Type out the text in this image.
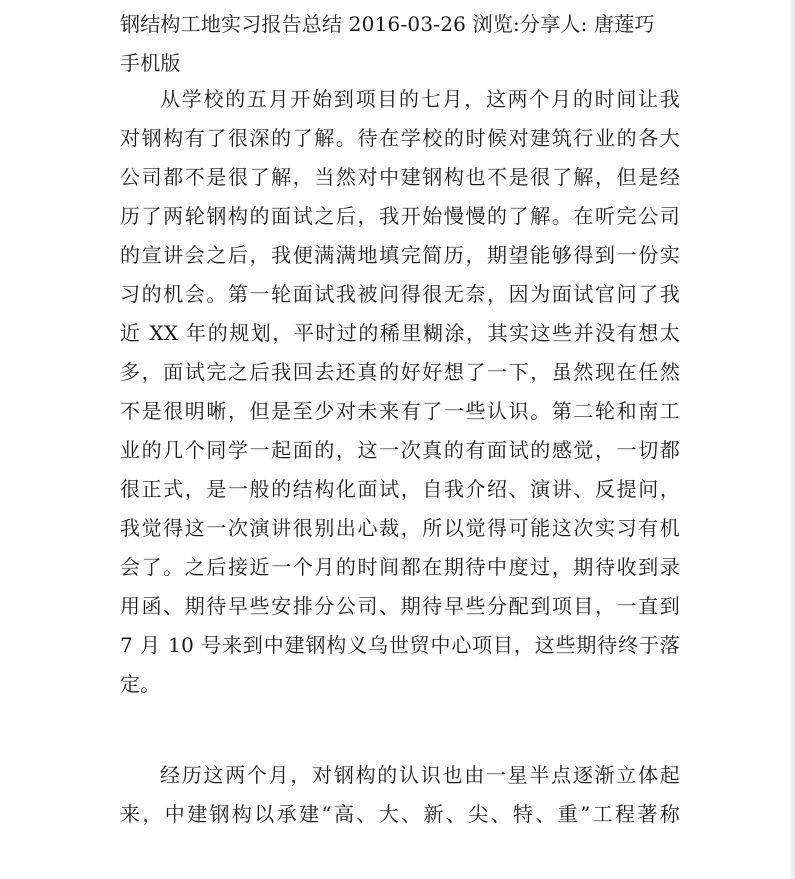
钢结构工地实习报告总结 2016-03-26 浏览:分享人: 唐莲巧
手机版
从学校的五月开始到项目的七月，这两个月的时间让我
对钢构有了很深的了解。待在学校的时候对建筑行业的各大
公司都不是很了解，当然对中建钢构也不是很了解，但是经
历了两轮钢构的面试之后，我开始慢慢的了解。在听完公司
的宣讲会之后，我便满满地填完简历，期望能够得到一份实
习的机会。第一轮面试我被问得很无奈，因为面试官问了我
近 XX 年的规划，平时过的稀里糊涂，其实这些并没有想太
多，面试完之后我回去还真的好好想了一下，虽然现在任然
不是很明晰，但是至少对未来有了一些认识。第二轮和南工
业的几个同学一起面的，这一次真的有面试的感觉，一切都
很正式，是一般的结构化面试，自我介绍、演讲、反提问，
我觉得这一次演讲很别出心裁，所以觉得可能这次实习有机
会了。之后接近一个月的时间都在期待中度过，期待收到录
用函、期待早些安排分公司、期待早些分配到项目，一直到
7 月 10 号来到中建钢构义乌世贸中心项目，这些期待终于落
定。
经历这两个月，对钢构的认识也由一星半点逐渐立体起
来，中建钢构以承建“高、大、新、尖、特、重”工程著称
